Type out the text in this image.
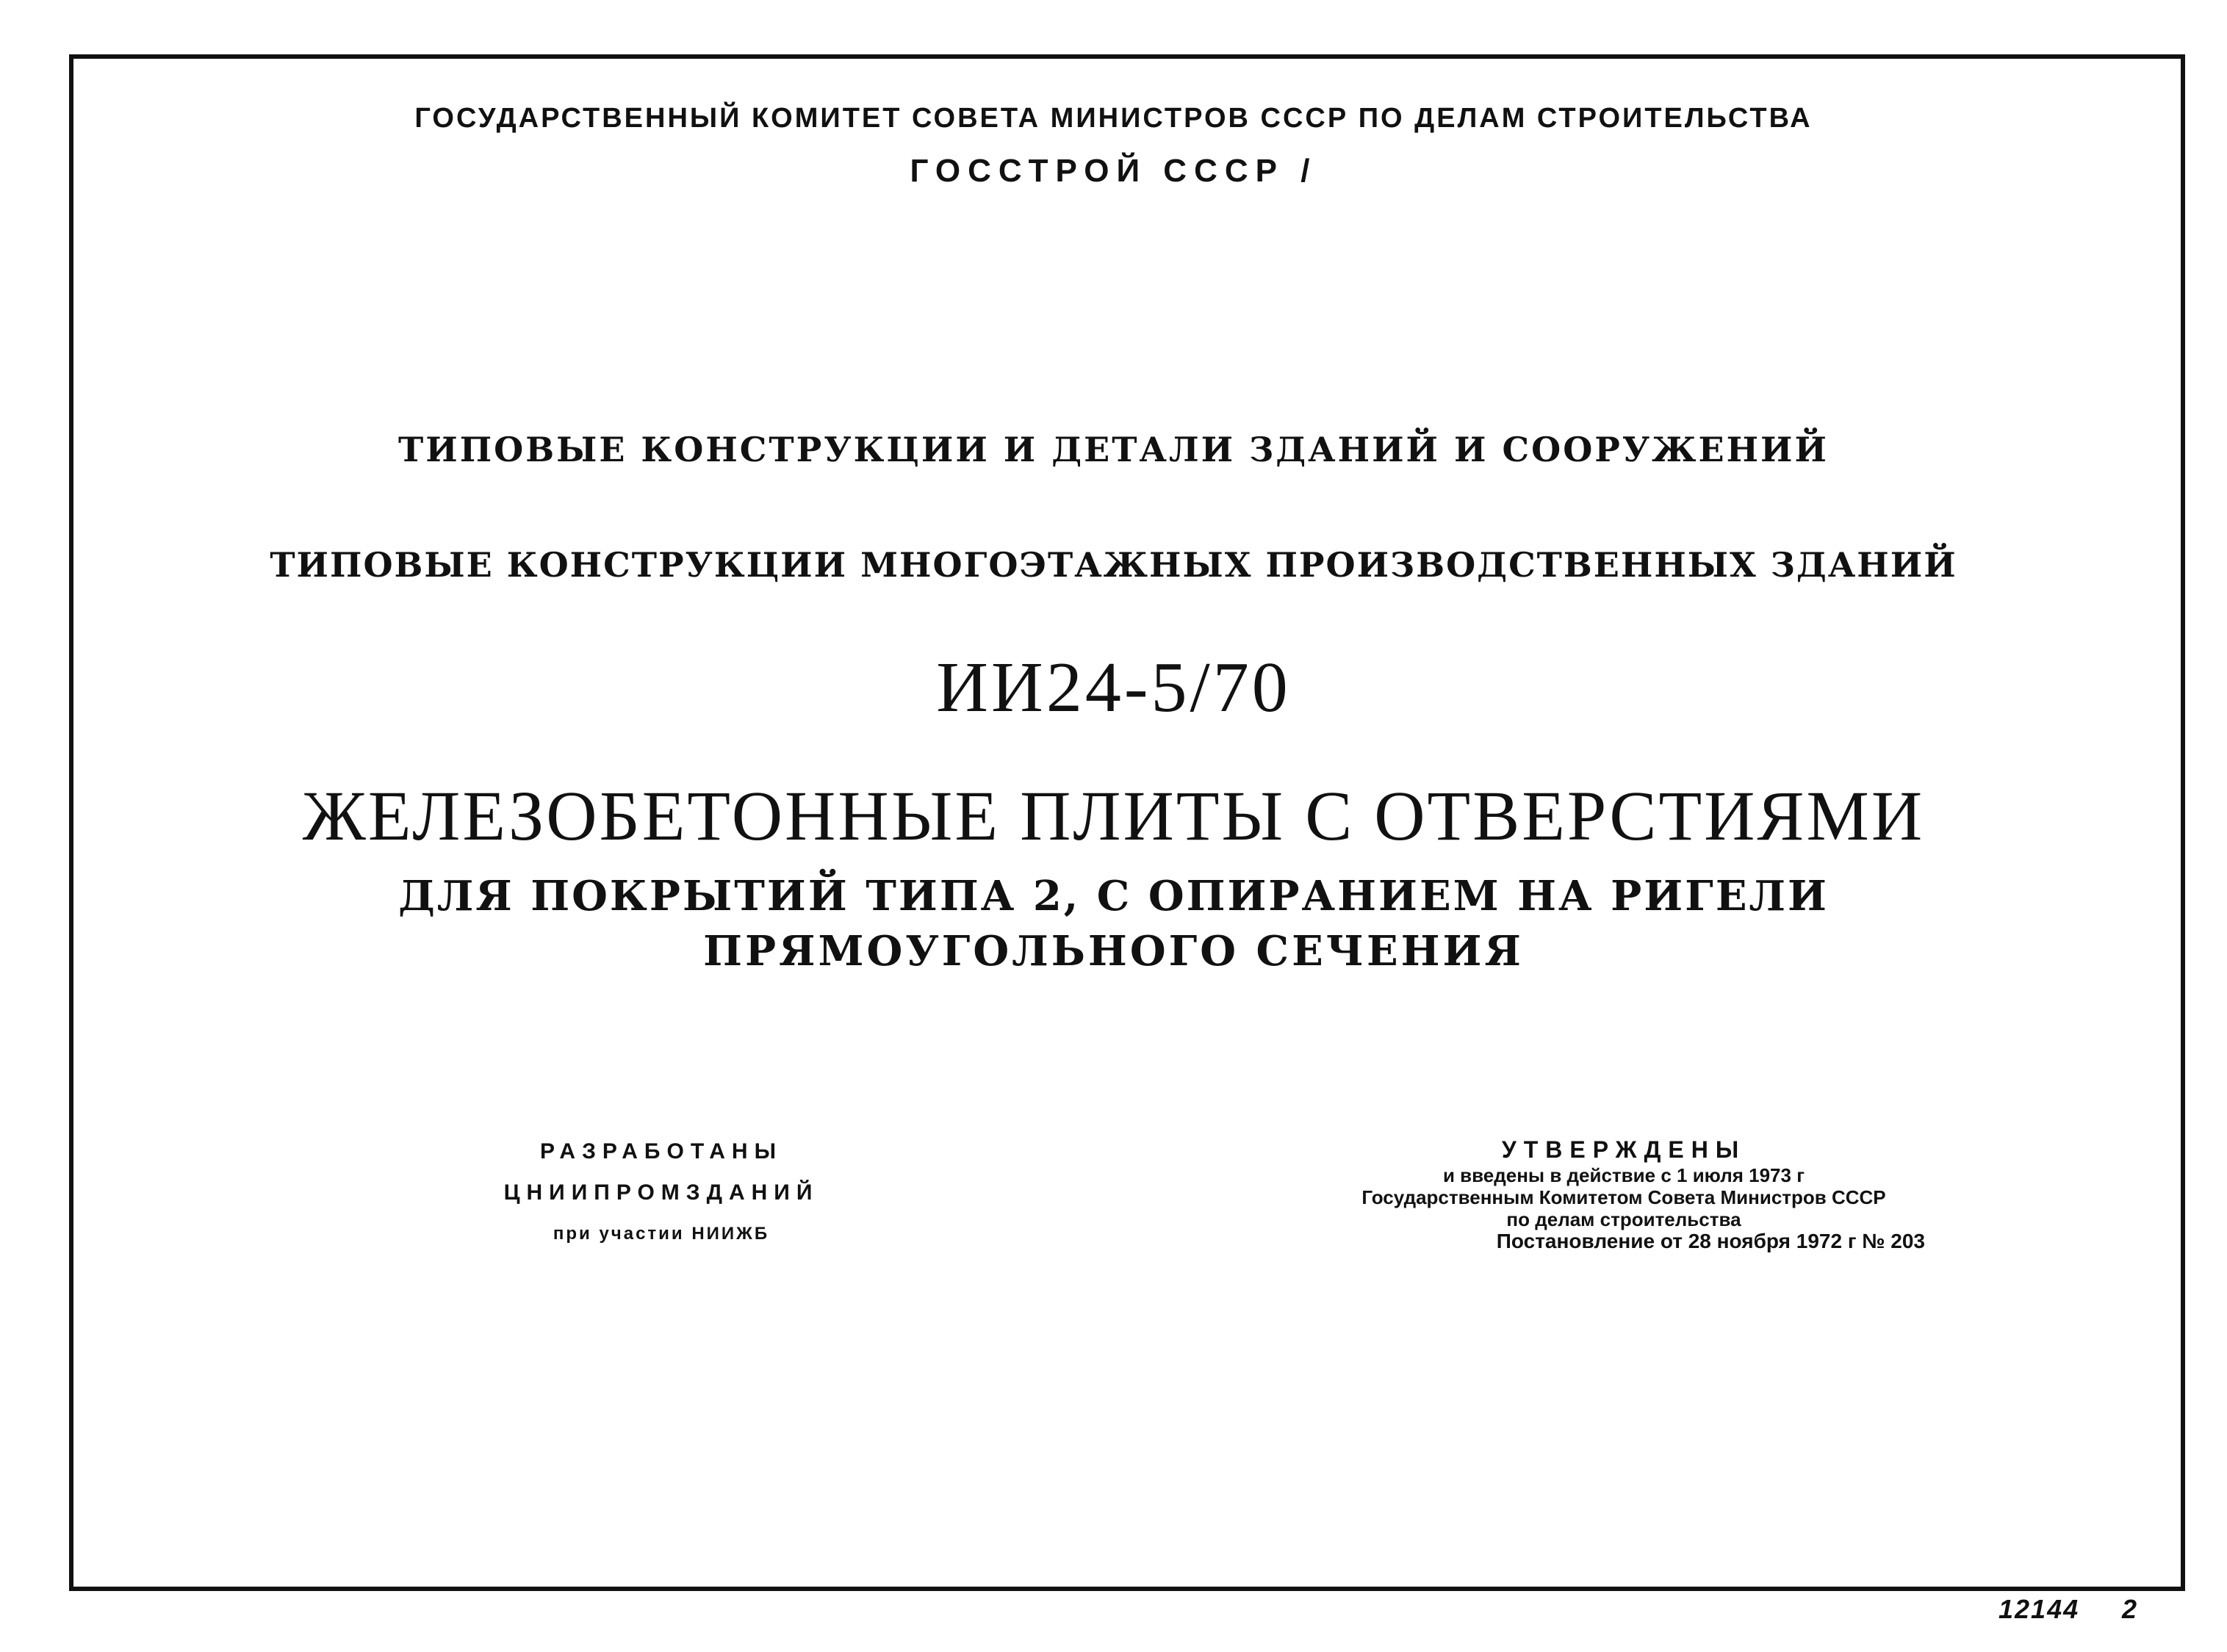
ГОСУДАРСТВЕННЫЙ КОМИТЕТ СОВЕТА МИНИСТРОВ СССР ПО ДЕЛАМ СТРОИТЕЛЬСТВА
ГОССТРОЙ СССР /
ТИПОВЫЕ КОНСТРУКЦИИ И ДЕТАЛИ ЗДАНИЙ И СООРУЖЕНИЙ
ТИПОВЫЕ КОНСТРУКЦИИ МНОГОЭТАЖНЫХ ПРОИЗВОДСТВЕННЫХ ЗДАНИЙ
ИИ24-5/70
ЖЕЛЕЗОБЕТОННЫЕ ПЛИТЫ С ОТВЕРСТИЯМИ
ДЛЯ ПОКРЫТИЙ ТИПА 2, С ОПИРАНИЕМ НА РИГЕЛИ
ПРЯМОУГОЛЬНОГО СЕЧЕНИЯ
РАЗРАБОТАНЫ
ЦНИИПРОМЗДАНИЙ
при участии НИИЖБ
УТВЕРЖДЕНЫ
и введены в действие с 1 июля 1973 г
Государственным Комитетом Совета Министров СССР
по делам строительства
Постановление от 28 ноября 1972 г № 203
12144 2
